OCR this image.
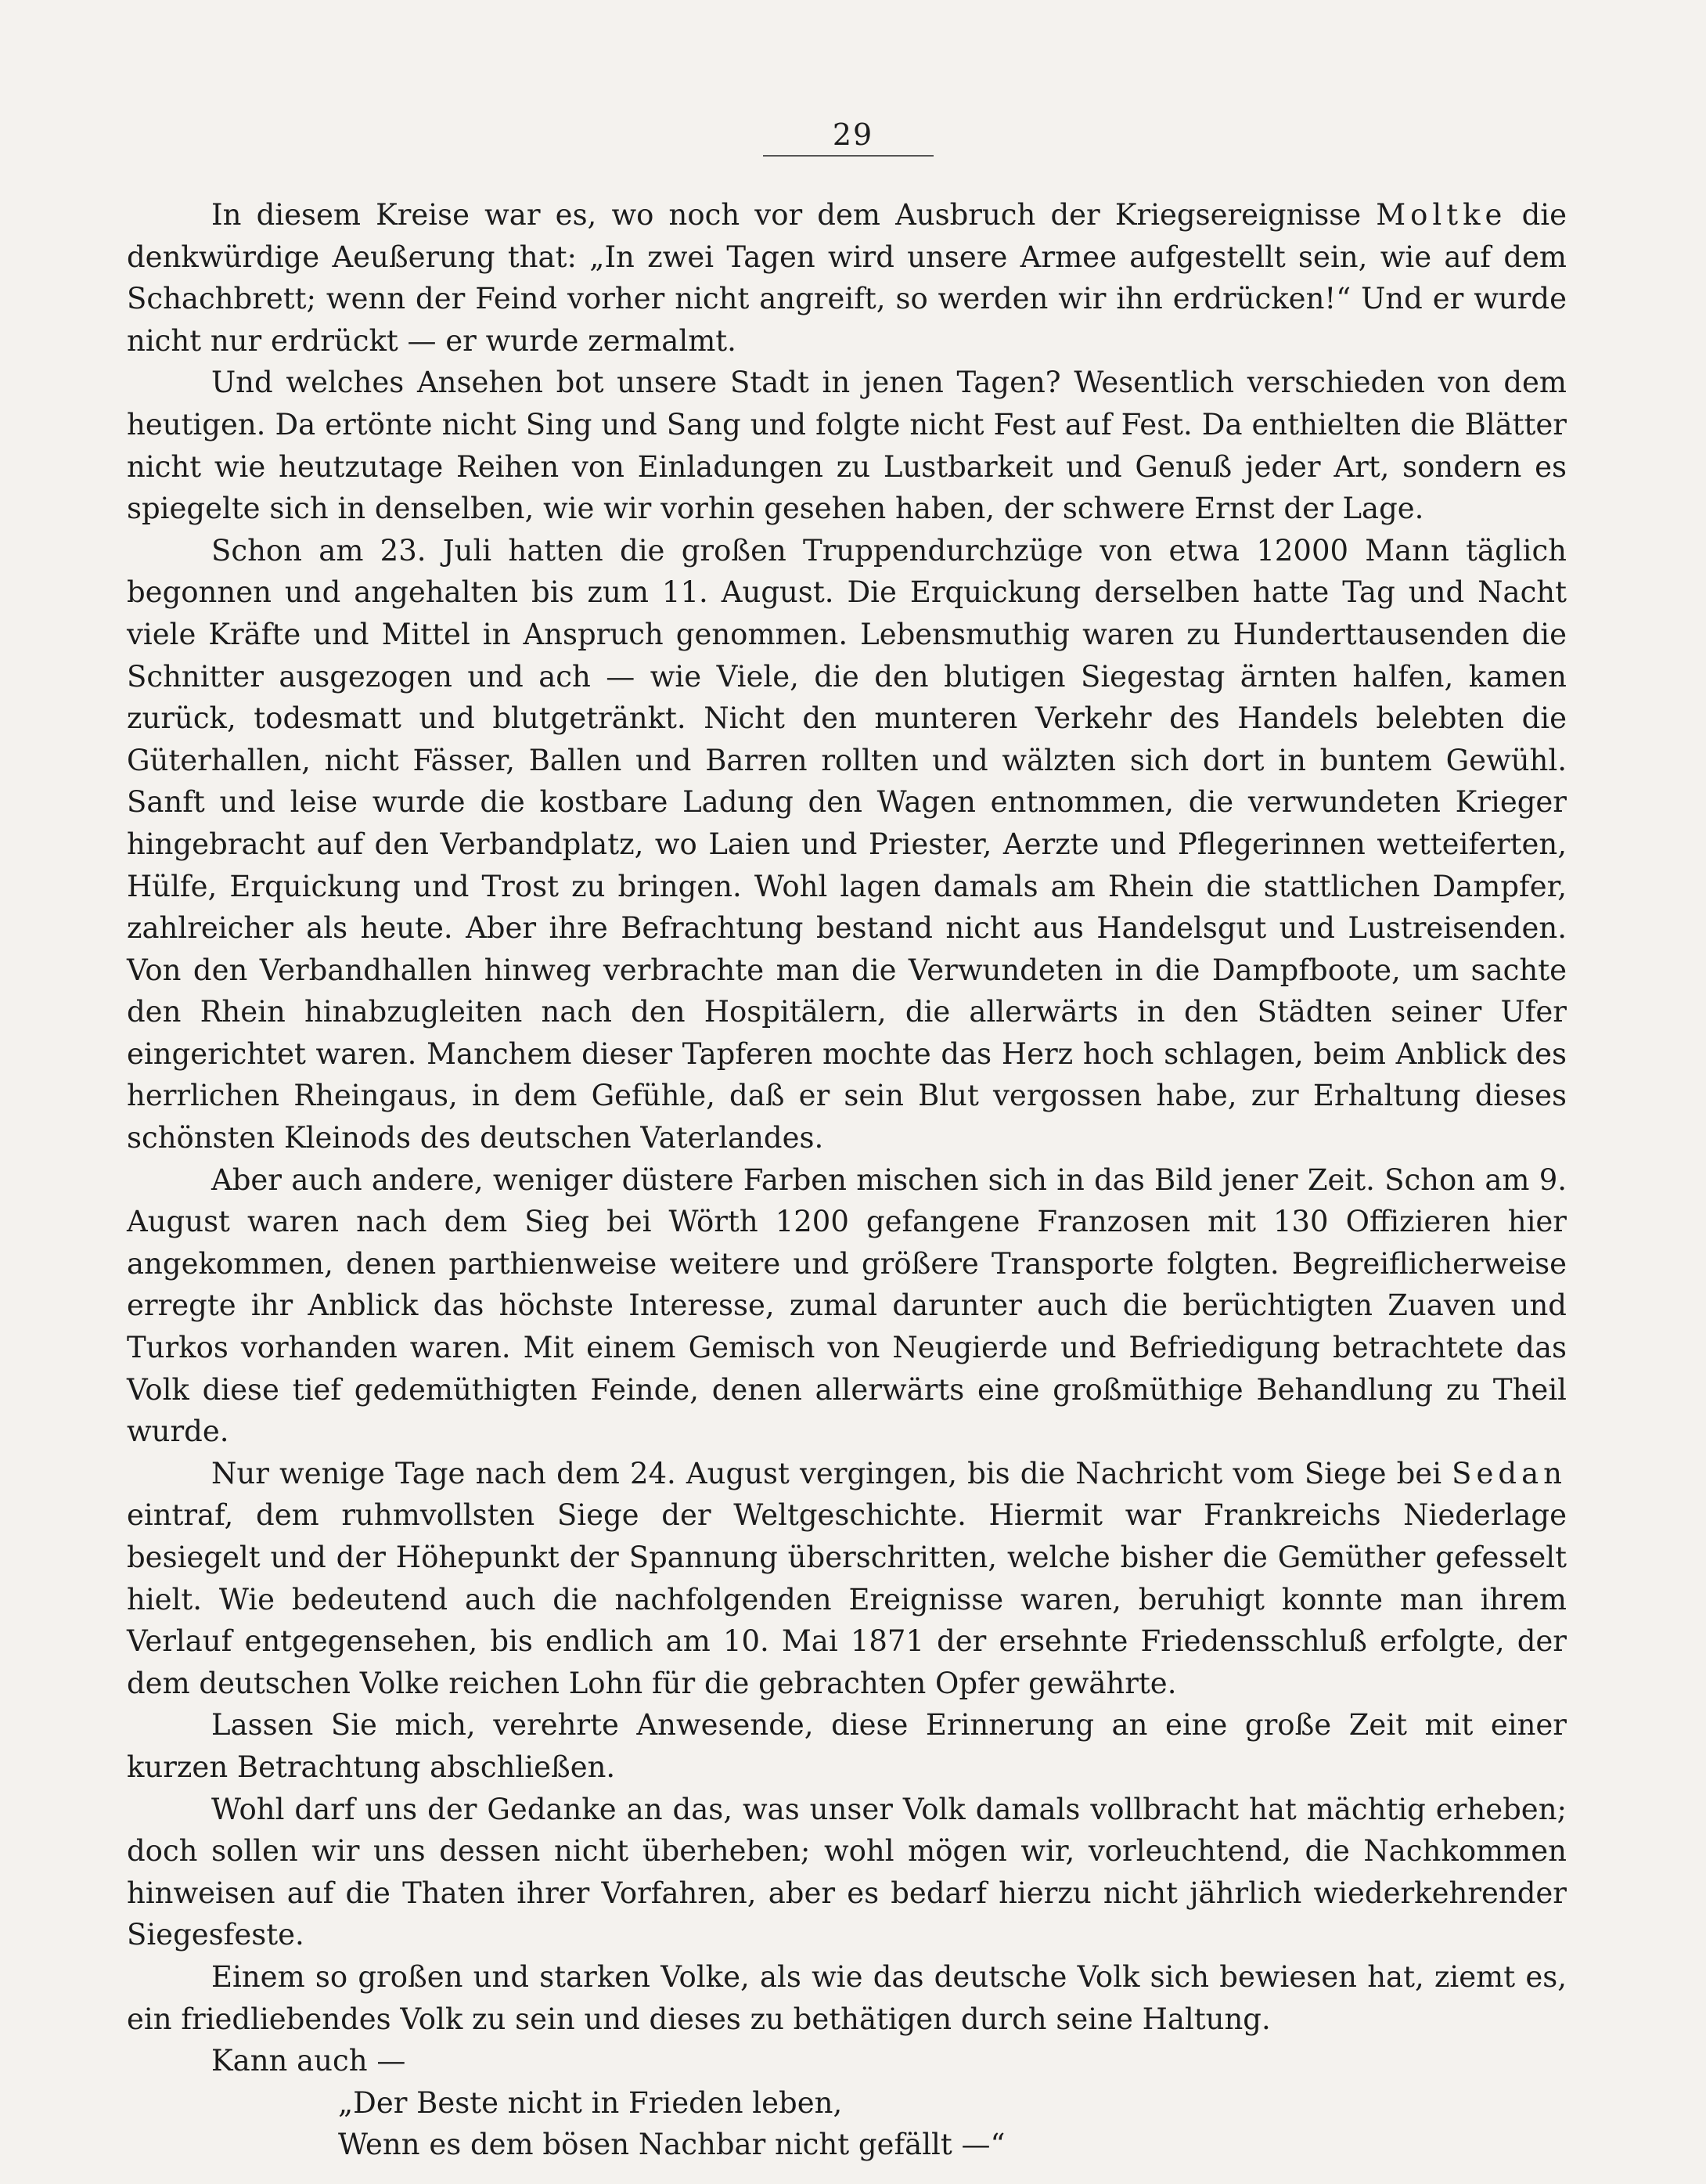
29

In diesem Kreise war es, wo noch vor dem Ausbruch der Kriegsereignisse Moltke die denkwürdige Aeußerung that: „In zwei Tagen wird unsere Armee aufgestellt sein, wie auf dem Schachbrett; wenn der Feind vorher nicht angreift, so werden wir ihn erdrücken!“ Und er wurde nicht nur erdrückt — er wurde zermalmt.

Und welches Ansehen bot unsere Stadt in jenen Tagen? Wesentlich verschieden von dem heutigen. Da ertönte nicht Sing und Sang und folgte nicht Fest auf Fest. Da enthielten die Blätter nicht wie heutzutage Reihen von Einladungen zu Lustbarkeit und Genuß jeder Art, sondern es spiegelte sich in denselben, wie wir vorhin gesehen haben, der schwere Ernst der Lage.

Schon am 23. Juli hatten die großen Truppendurchzüge von etwa 12000 Mann täglich begonnen und angehalten bis zum 11. August. Die Erquickung derselben hatte Tag und Nacht viele Kräfte und Mittel in Anspruch genommen. Lebensmuthig waren zu Hunderttausenden die Schnitter ausgezogen und ach — wie Viele, die den blutigen Siegestag ärnten halfen, kamen zurück, todesmatt und blutgetränkt. Nicht den munteren Verkehr des Handels belebten die Güterhallen, nicht Fässer, Ballen und Barren rollten und wälzten sich dort in buntem Gewühl. Sanft und leise wurde die kostbare Ladung den Wagen entnommen, die verwundeten Krieger hingebracht auf den Verbandplatz, wo Laien und Priester, Aerzte und Pflegerinnen wetteiferten, Hülfe, Erquickung und Trost zu bringen. Wohl lagen damals am Rhein die stattlichen Dampfer, zahlreicher als heute. Aber ihre Befrachtung bestand nicht aus Handelsgut und Lustreisenden. Von den Verbandhallen hinweg verbrachte man die Verwundeten in die Dampfboote, um sachte den Rhein hinabzugleiten nach den Hospitälern, die allerwärts in den Städten seiner Ufer eingerichtet waren. Manchem dieser Tapferen mochte das Herz hoch schlagen, beim Anblick des herrlichen Rheingaus, in dem Gefühle, daß er sein Blut vergossen habe, zur Erhaltung dieses schönsten Kleinods des deutschen Vaterlandes.

Aber auch andere, weniger düstere Farben mischen sich in das Bild jener Zeit. Schon am 9. August waren nach dem Sieg bei Wörth 1200 gefangene Franzosen mit 130 Offizieren hier angekommen, denen parthienweise weitere und größere Transporte folgten. Begreiflicherweise erregte ihr Anblick das höchste Interesse, zumal darunter auch die berüchtigten Zuaven und Turkos vorhanden waren. Mit einem Gemisch von Neugierde und Befriedigung betrachtete das Volk diese tief gedemüthigten Feinde, denen allerwärts eine großmüthige Behandlung zu Theil wurde.

Nur wenige Tage nach dem 24. August vergingen, bis die Nachricht vom Siege bei Sedan eintraf, dem ruhmvollsten Siege der Weltgeschichte. Hiermit war Frankreichs Niederlage besiegelt und der Höhepunkt der Spannung überschritten, welche bisher die Gemüther gefesselt hielt. Wie bedeutend auch die nachfolgenden Ereignisse waren, beruhigt konnte man ihrem Verlauf entgegensehen, bis endlich am 10. Mai 1871 der ersehnte Friedensschluß erfolgte, der dem deutschen Volke reichen Lohn für die gebrachten Opfer gewährte.

Lassen Sie mich, verehrte Anwesende, diese Erinnerung an eine große Zeit mit einer kurzen Betrachtung abschließen.

Wohl darf uns der Gedanke an das, was unser Volk damals vollbracht hat mächtig erheben; doch sollen wir uns dessen nicht überheben; wohl mögen wir, vorleuchtend, die Nachkommen hinweisen auf die Thaten ihrer Vorfahren, aber es bedarf hierzu nicht jährlich wiederkehrender Siegesfeste.

Einem so großen und starken Volke, als wie das deutsche Volk sich bewiesen hat, ziemt es, ein friedliebendes Volk zu sein und dieses zu bethätigen durch seine Haltung.

Kann auch —

„Der Beste nicht in Frieden leben,

Wenn es dem bösen Nachbar nicht gefällt —“
